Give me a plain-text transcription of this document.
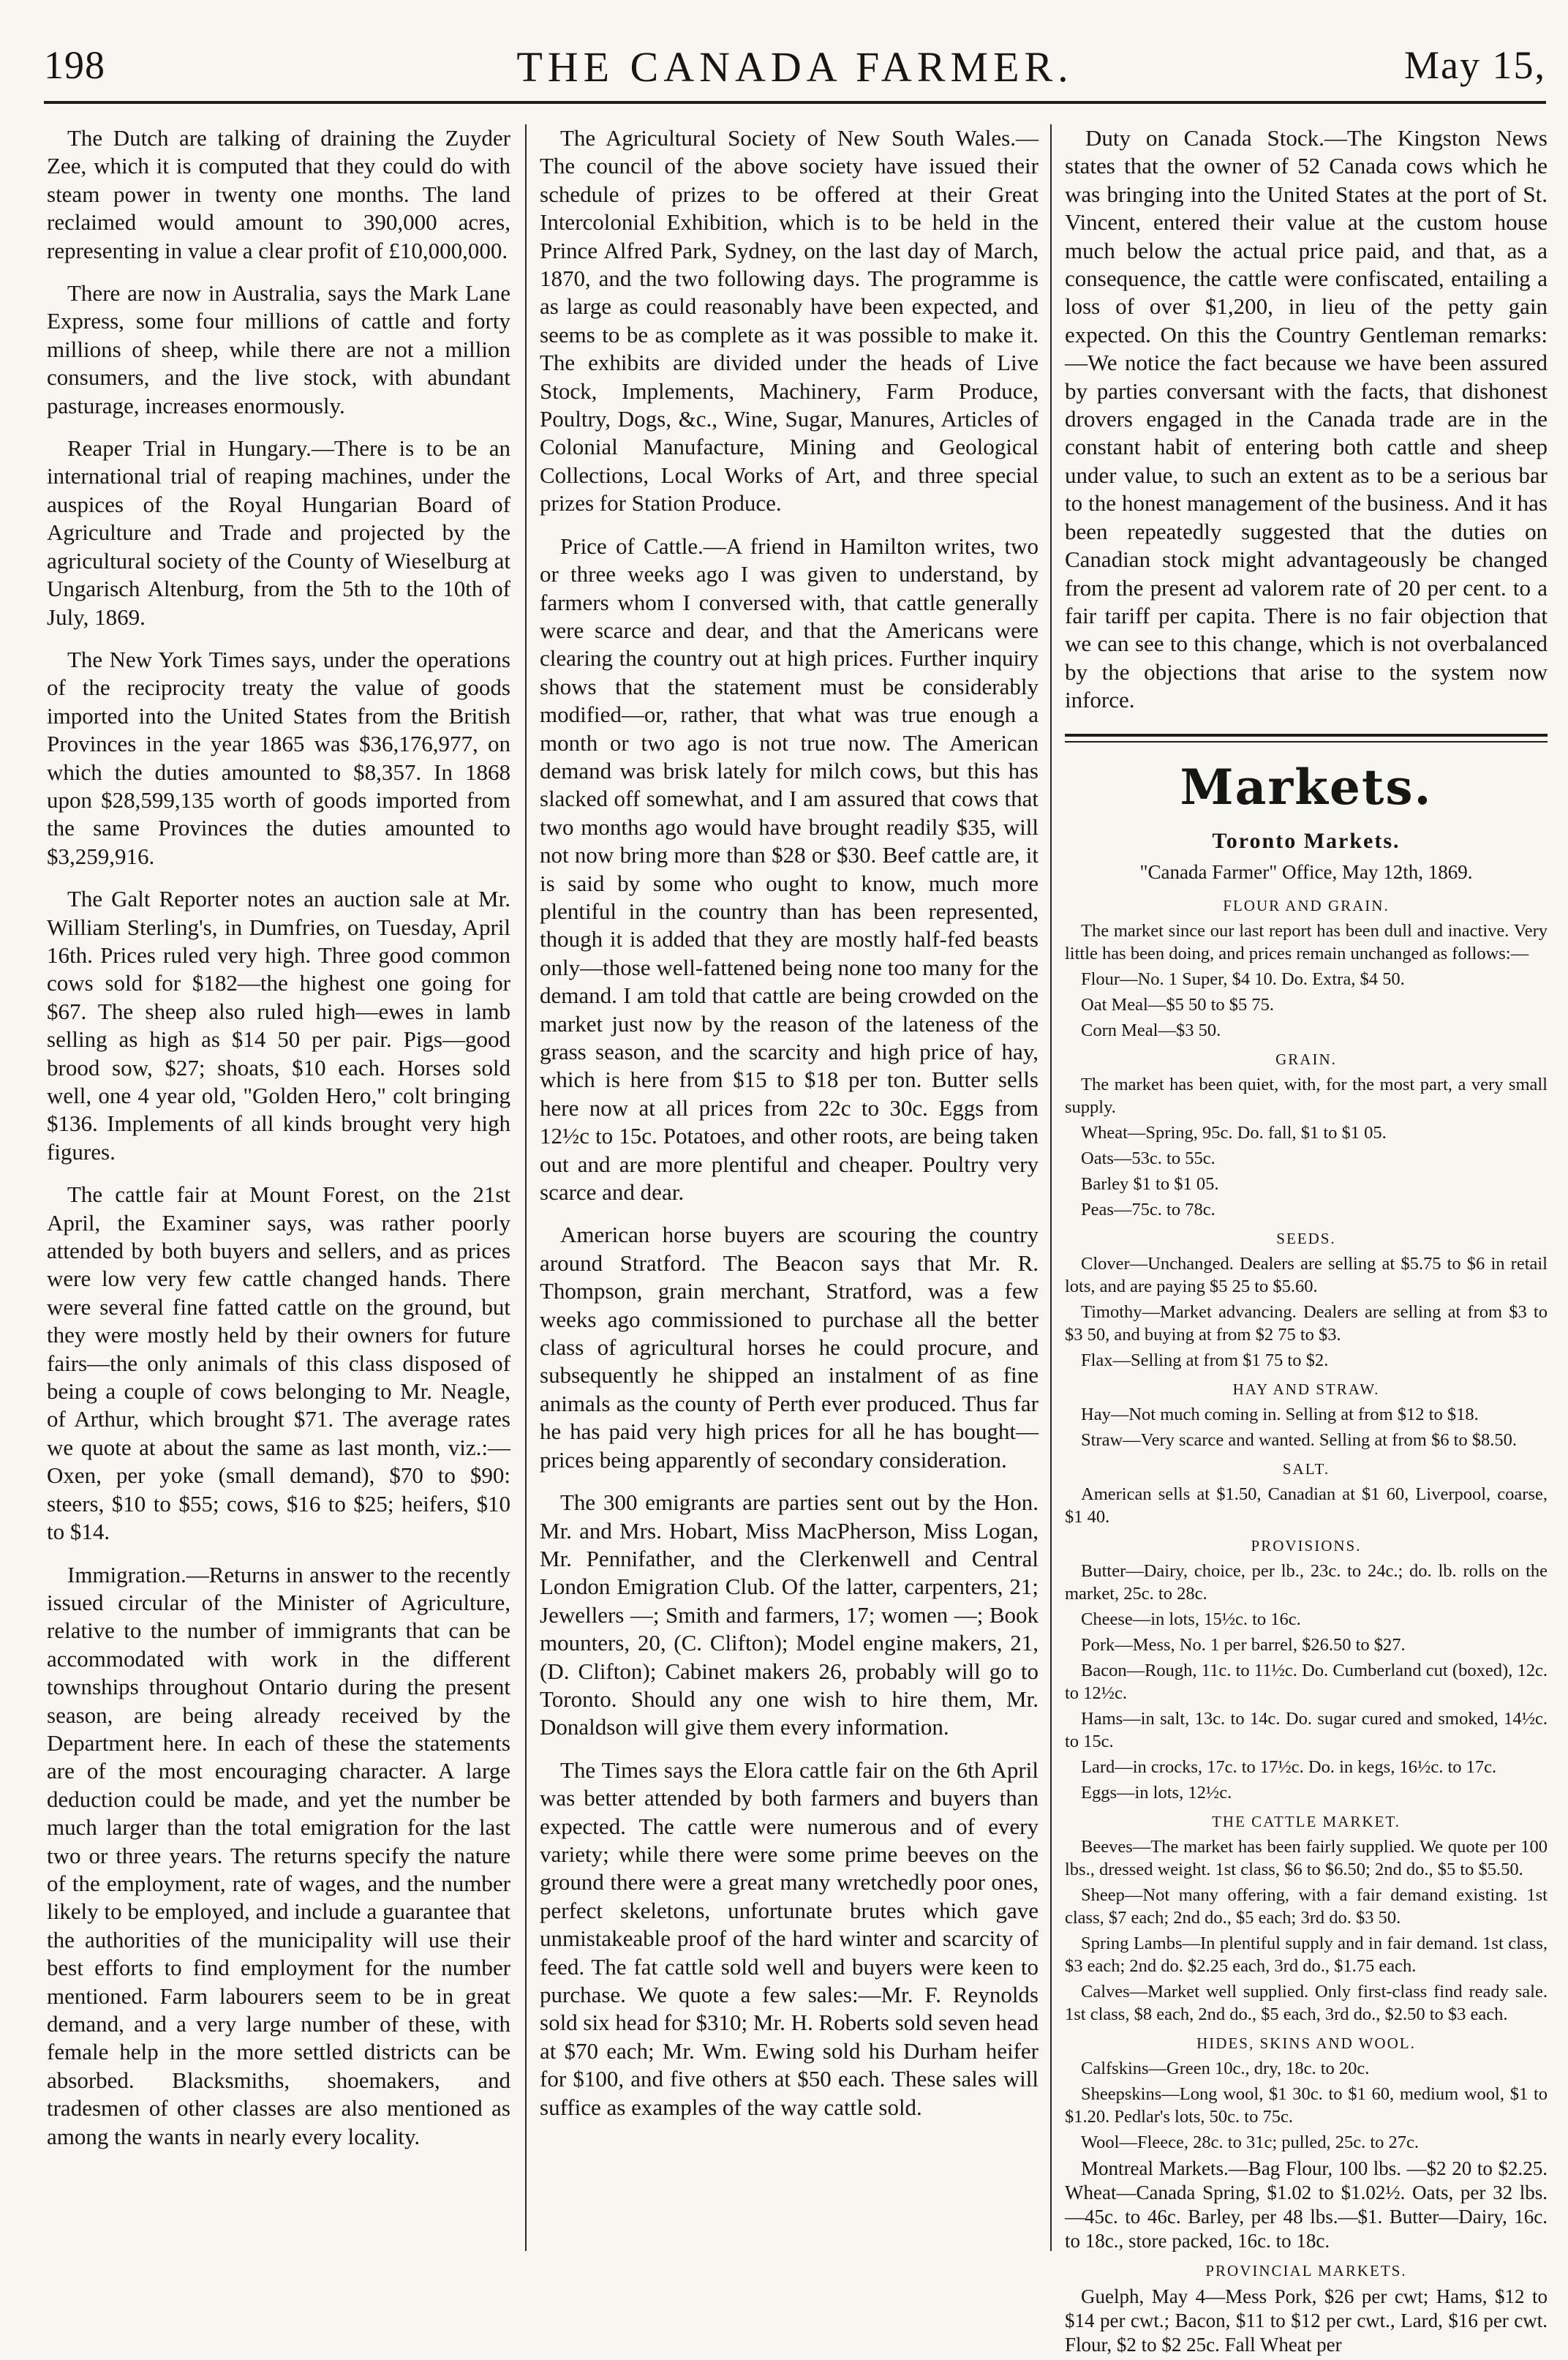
198	THE CANADA FARMER.	May 15,

The Dutch are talking of draining the Zuyder Zee, which it is computed that they could do with steam power in twenty one months. The land reclaimed would amount to 390,000 acres, representing in value a clear profit of £10,000,000.

There are now in Australia, says the Mark Lane Express, some four millions of cattle and forty millions of sheep, while there are not a million consumers, and the live stock, with abundant pasturage, increases enormously.

Reaper Trial in Hungary.—There is to be an international trial of reaping machines, under the auspices of the Royal Hungarian Board of Agriculture and Trade and projected by the agricultural society of the County of Wieselburg at Ungarisch Altenburg, from the 5th to the 10th of July, 1869.

The New York Times says, under the operations of the reciprocity treaty the value of goods imported into the United States from the British Provinces in the year 1865 was $36,176,977, on which the duties amounted to $8,357. In 1868 upon $28,599,135 worth of goods imported from the same Provinces the duties amounted to $3,259,916.

The Galt Reporter notes an auction sale at Mr. William Sterling's, in Dumfries, on Tuesday, April 16th. Prices ruled very high. Three good common cows sold for $182—the highest one going for $67. The sheep also ruled high—ewes in lamb selling as high as $14 50 per pair. Pigs—good brood sow, $27; shoats, $10 each. Horses sold well, one 4 year old, "Golden Hero," colt bringing $136. Implements of all kinds brought very high figures.

The cattle fair at Mount Forest, on the 21st April, the Examiner says, was rather poorly attended by both buyers and sellers, and as prices were low very few cattle changed hands. There were several fine fatted cattle on the ground, but they were mostly held by their owners for future fairs—the only animals of this class disposed of being a couple of cows belonging to Mr. Neagle, of Arthur, which brought $71. The average rates we quote at about the same as last month, viz.:—Oxen, per yoke (small demand), $70 to $90: steers, $10 to $55; cows, $16 to $25; heifers, $10 to $14.

Immigration.—Returns in answer to the recently issued circular of the Minister of Agriculture, relative to the number of immigrants that can be accommodated with work in the different townships throughout Ontario during the present season, are being already received by the Department here. In each of these the statements are of the most encouraging character. A large deduction could be made, and yet the number be much larger than the total emigration for the last two or three years. The returns specify the nature of the employment, rate of wages, and the number likely to be employed, and include a guarantee that the authorities of the municipality will use their best efforts to find employment for the number mentioned. Farm labourers seem to be in great demand, and a very large number of these, with female help in the more settled districts can be absorbed. Blacksmiths, shoemakers, and tradesmen of other classes are also mentioned as among the wants in nearly every locality.

The Agricultural Society of New South Wales.—The council of the above society have issued their schedule of prizes to be offered at their Great Intercolonial Exhibition, which is to be held in the Prince Alfred Park, Sydney, on the last day of March, 1870, and the two following days. The programme is as large as could reasonably have been expected, and seems to be as complete as it was possible to make it. The exhibits are divided under the heads of Live Stock, Implements, Machinery, Farm Produce, Poultry, Dogs, &c., Wine, Sugar, Manures, Articles of Colonial Manufacture, Mining and Geological Collections, Local Works of Art, and three special prizes for Station Produce.

Price of Cattle.—A friend in Hamilton writes, two or three weeks ago I was given to understand, by farmers whom I conversed with, that cattle generally were scarce and dear, and that the Americans were clearing the country out at high prices. Further inquiry shows that the statement must be considerably modified—or, rather, that what was true enough a month or two ago is not true now. The American demand was brisk lately for milch cows, but this has slacked off somewhat, and I am assured that cows that two months ago would have brought readily $35, will not now bring more than $28 or $30. Beef cattle are, it is said by some who ought to know, much more plentiful in the country than has been represented, though it is added that they are mostly half-fed beasts only—those well-fattened being none too many for the demand. I am told that cattle are being crowded on the market just now by the reason of the lateness of the grass season, and the scarcity and high price of hay, which is here from $15 to $18 per ton. Butter sells here now at all prices from 22c to 30c. Eggs from 12½c to 15c. Potatoes, and other roots, are being taken out and are more plentiful and cheaper. Poultry very scarce and dear.

American horse buyers are scouring the country around Stratford. The Beacon says that Mr. R. Thompson, grain merchant, Stratford, was a few weeks ago commissioned to purchase all the better class of agricultural horses he could procure, and subsequently he shipped an instalment of as fine animals as the county of Perth ever produced. Thus far he has paid very high prices for all he has bought—prices being apparently of secondary consideration.

The 300 emigrants are parties sent out by the Hon. Mr. and Mrs. Hobart, Miss MacPherson, Miss Logan, Mr. Pennifather, and the Clerkenwell and Central London Emigration Club. Of the latter, carpenters, 21; Jewellers —; Smith and farmers, 17; women —; Book mounters, 20, (C. Clifton); Model engine makers, 21, (D. Clifton); Cabinet makers 26, probably will go to Toronto. Should any one wish to hire them, Mr. Donaldson will give them every information.

The Times says the Elora cattle fair on the 6th April was better attended by both farmers and buyers than expected. The cattle were numerous and of every variety; while there were some prime beeves on the ground there were a great many wretchedly poor ones, perfect skeletons, unfortunate brutes which gave unmistakeable proof of the hard winter and scarcity of feed. The fat cattle sold well and buyers were keen to purchase. We quote a few sales:—Mr. F. Reynolds sold six head for $310; Mr. H. Roberts sold seven head at $70 each; Mr. Wm. Ewing sold his Durham heifer for $100, and five others at $50 each. These sales will suffice as examples of the way cattle sold.

Duty on Canada Stock.—The Kingston News states that the owner of 52 Canada cows which he was bringing into the United States at the port of St. Vincent, entered their value at the custom house much below the actual price paid, and that, as a consequence, the cattle were confiscated, entailing a loss of over $1,200, in lieu of the petty gain expected. On this the Country Gentleman remarks:—We notice the fact because we have been assured by parties conversant with the facts, that dishonest drovers engaged in the Canada trade are in the constant habit of entering both cattle and sheep under value, to such an extent as to be a serious bar to the honest management of the business. And it has been repeatedly suggested that the duties on Canadian stock might advantageously be changed from the present ad valorem rate of 20 per cent. to a fair tariff per capita. There is no fair objection that we can see to this change, which is not overbalanced by the objections that arise to the system now inforce.

Markets.
Toronto Markets.
"Canada Farmer" Office, May 12th, 1869.
FLOUR AND GRAIN.

The market since our last report has been dull and inactive. Very little has been doing, and prices remain unchanged as follows:—

Flour—No. 1 Super, $4 10. Do. Extra, $4 50.

Oat Meal—$5 50 to $5 75.

Corn Meal—$3 50.

GRAIN.

The market has been quiet, with, for the most part, a very small supply.

Wheat—Spring, 95c. Do. fall, $1 to $1 05.

Oats—53c. to 55c.

Barley $1 to $1 05.

Peas—75c. to 78c.

SEEDS.

Clover—Unchanged. Dealers are selling at $5.75 to $6 in retail lots, and are paying $5 25 to $5.60.

Timothy—Market advancing. Dealers are selling at from $3 to $3 50, and buying at from $2 75 to $3.

Flax—Selling at from $1 75 to $2.

HAY AND STRAW.

Hay—Not much coming in. Selling at from $12 to $18.

Straw—Very scarce and wanted. Selling at from $6 to $8.50.

SALT.

American sells at $1.50, Canadian at $1 60, Liverpool, coarse, $1 40.

PROVISIONS.

Butter—Dairy, choice, per lb., 23c. to 24c.; do. lb. rolls on the market, 25c. to 28c.

Cheese—in lots, 15½c. to 16c.

Pork—Mess, No. 1 per barrel, $26.50 to $27.

Bacon—Rough, 11c. to 11½c. Do. Cumberland cut (boxed), 12c. to 12½c.

Hams—in salt, 13c. to 14c. Do. sugar cured and smoked, 14½c. to 15c.

Lard—in crocks, 17c. to 17½c. Do. in kegs, 16½c. to 17c.

Eggs—in lots, 12½c.

THE CATTLE MARKET.

Beeves—The market has been fairly supplied. We quote per 100 lbs., dressed weight. 1st class, $6 to $6.50; 2nd do., $5 to $5.50.

Sheep—Not many offering, with a fair demand existing. 1st class, $7 each; 2nd do., $5 each; 3rd do. $3 50.

Spring Lambs—In plentiful supply and in fair demand. 1st class, $3 each; 2nd do. $2.25 each, 3rd do., $1.75 each.

Calves—Market well supplied. Only first-class find ready sale. 1st class, $8 each, 2nd do., $5 each, 3rd do., $2.50 to $3 each.

HIDES, SKINS AND WOOL.

Calfskins—Green 10c., dry, 18c. to 20c.

Sheepskins—Long wool, $1 30c. to $1 60, medium wool, $1 to $1.20. Pedlar's lots, 50c. to 75c.

Wool—Fleece, 28c. to 31c; pulled, 25c. to 27c.

Montreal Markets.—Bag Flour, 100 lbs. —$2 20 to $2.25. Wheat—Canada Spring, $1.02 to $1.02½. Oats, per 32 lbs.—45c. to 46c. Barley, per 48 lbs.—$1. Butter—Dairy, 16c. to 18c., store packed, 16c. to 18c.

PROVINCIAL MARKETS.

Guelph, May 4—Mess Pork, $26 per cwt; Hams, $12 to $14 per cwt.; Bacon, $11 to $12 per cwt., Lard, $16 per cwt. Flour, $2 to $2 25c. Fall Wheat per
